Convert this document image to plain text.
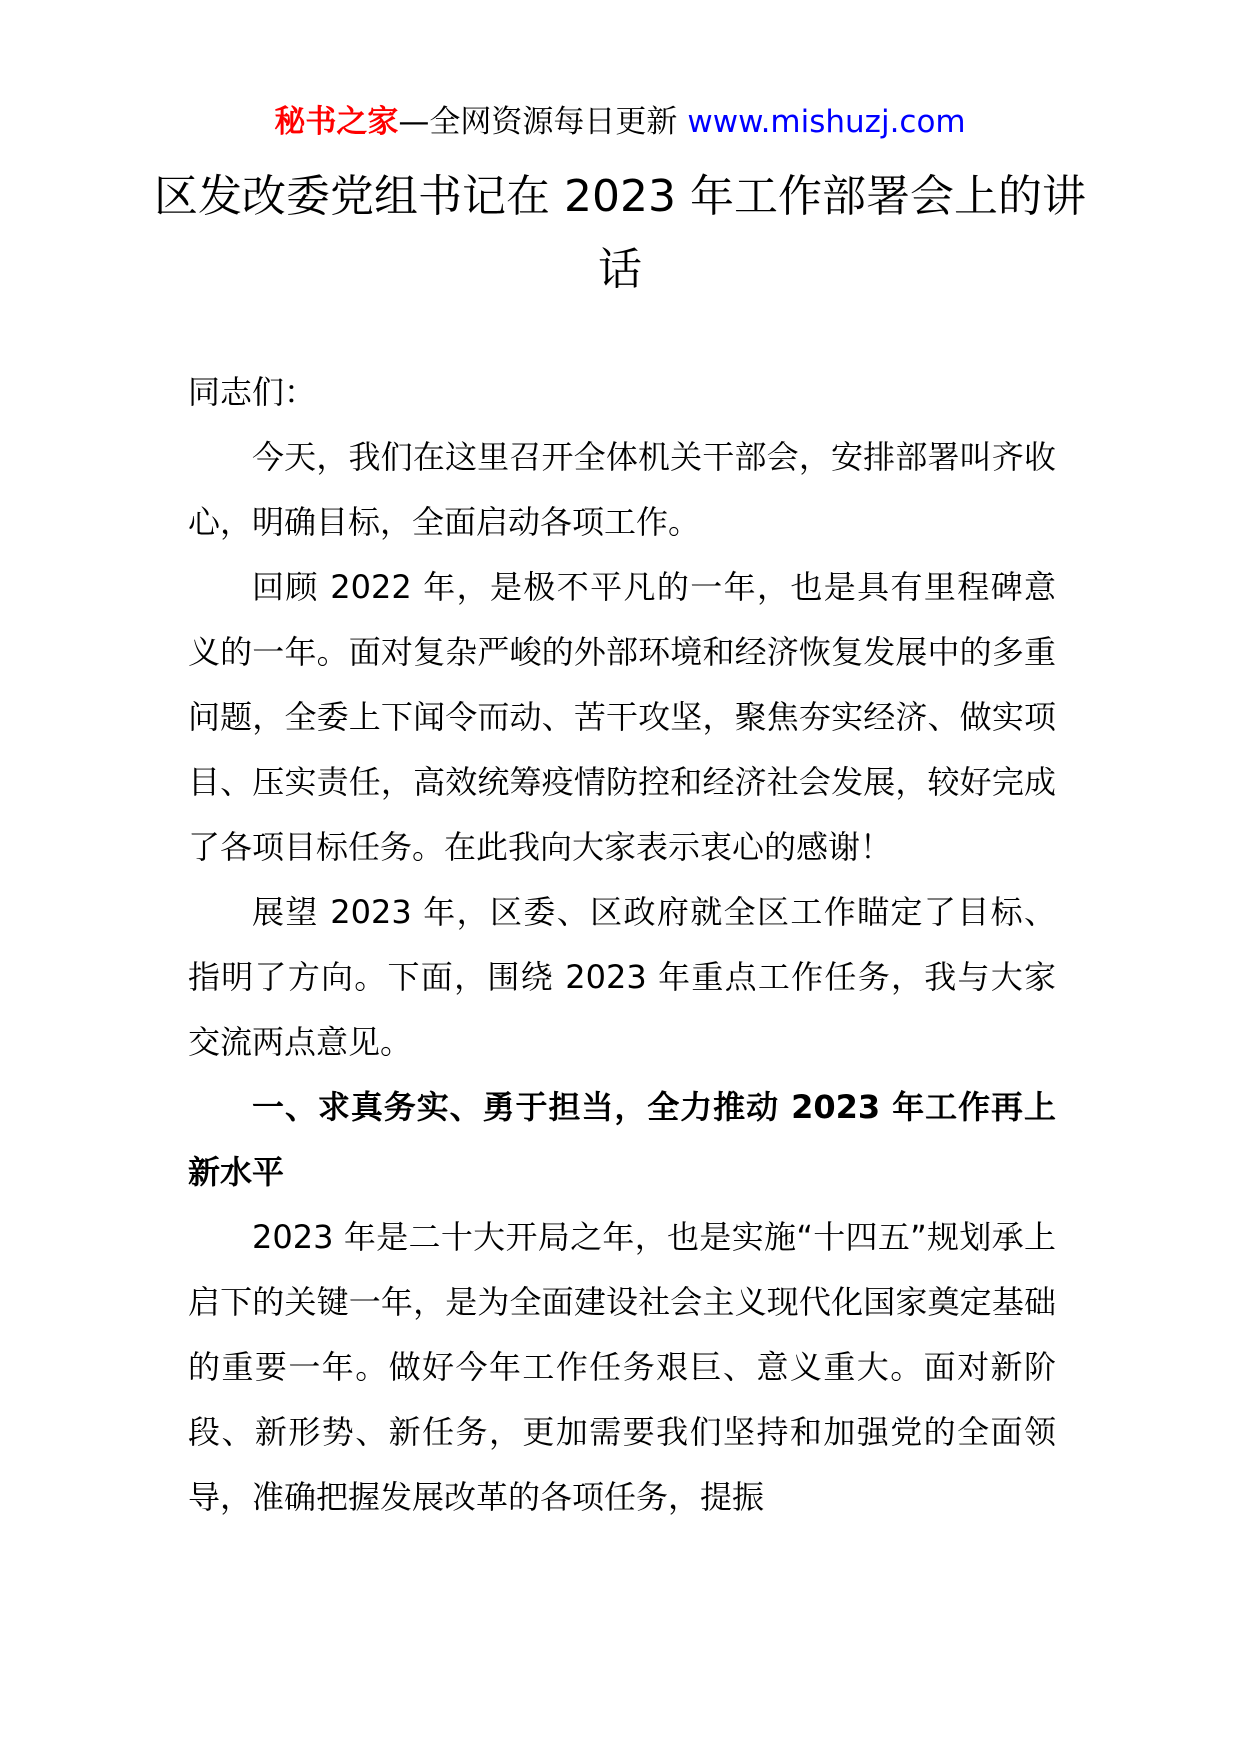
秘书之家—全网资源每日更新 www.mishuzj.com
区发改委党组书记在 2023 年工作部署会上的讲话

同志们：

今天，我们在这里召开全体机关干部会，安排部署叫齐收心，明确目标，全面启动各项工作。

回顾 2022 年，是极不平凡的一年，也是具有里程碑意义的一年。面对复杂严峻的外部环境和经济恢复发展中的多重问题，全委上下闻令而动、苦干攻坚，聚焦夯实经济、做实项目、压实责任，高效统筹疫情防控和经济社会发展，较好完成了各项目标任务。在此我向大家表示衷心的感谢！

展望 2023 年，区委、区政府就全区工作瞄定了目标、指明了方向。下面，围绕 2023 年重点工作任务，我与大家交流两点意见。

一、求真务实、勇于担当，全力推动 2023 年工作再上新水平

2023 年是二十大开局之年，也是实施“十四五”规划承上启下的关键一年，是为全面建设社会主义现代化国家奠定基础的重要一年。做好今年工作任务艰巨、意义重大。面对新阶段、新形势、新任务，更加需要我们坚持和加强党的全面领导，准确把握发展改革的各项任务，提振
